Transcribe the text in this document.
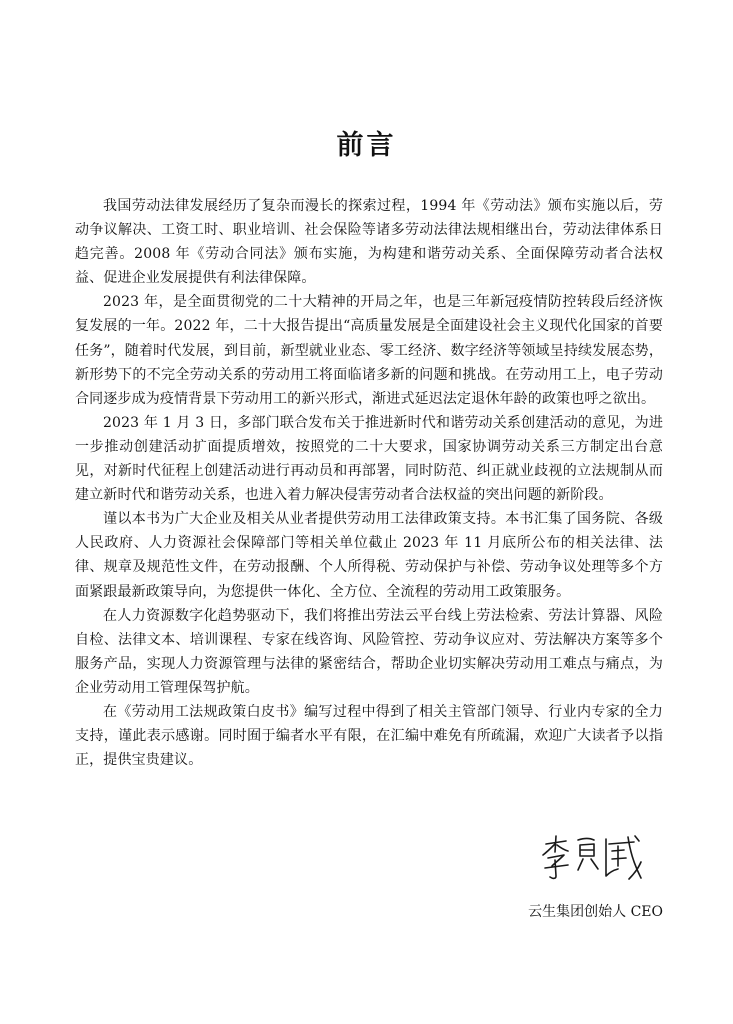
前言

我国劳动法律发展经历了复杂而漫长的探索过程，1994 年《劳动法》颁布实施以后，劳动争议解决、工资工时、职业培训、社会保险等诸多劳动法律法规相继出台，劳动法律体系日趋完善。2008 年《劳动合同法》颁布实施，为构建和谐劳动关系、全面保障劳动者合法权益、促进企业发展提供有利法律保障。

2023 年，是全面贯彻党的二十大精神的开局之年，也是三年新冠疫情防控转段后经济恢复发展的一年。2022 年，二十大报告提出“高质量发展是全面建设社会主义现代化国家的首要任务”，随着时代发展，到目前，新型就业业态、零工经济、数字经济等领域呈持续发展态势，新形势下的不完全劳动关系的劳动用工将面临诸多新的问题和挑战。在劳动用工上，电子劳动合同逐步成为疫情背景下劳动用工的新兴形式，渐进式延迟法定退休年龄的政策也呼之欲出。

2023 年 1 月 3 日，多部门联合发布关于推进新时代和谐劳动关系创建活动的意见，为进一步推动创建活动扩面提质增效，按照党的二十大要求，国家协调劳动关系三方制定出台意见，对新时代征程上创建活动进行再动员和再部署，同时防范、纠正就业歧视的立法规制从而建立新时代和谐劳动关系，也进入着力解决侵害劳动者合法权益的突出问题的新阶段。

谨以本书为广大企业及相关从业者提供劳动用工法律政策支持。本书汇集了国务院、各级人民政府、人力资源社会保障部门等相关单位截止 2023 年 11 月底所公布的相关法律、法律、规章及规范性文件，在劳动报酬、个人所得税、劳动保护与补偿、劳动争议处理等多个方面紧跟最新政策导向，为您提供一体化、全方位、全流程的劳动用工政策服务。

在人力资源数字化趋势驱动下，我们将推出劳法云平台线上劳法检索、劳法计算器、风险自检、法律文本、培训课程、专家在线咨询、风险管控、劳动争议应对、劳法解决方案等多个服务产品，实现人力资源管理与法律的紧密结合，帮助企业切实解决劳动用工难点与痛点，为企业劳动用工管理保驾护航。

在《劳动用工法规政策白皮书》编写过程中得到了相关主管部门领导、行业内专家的全力支持，谨此表示感谢。同时囿于编者水平有限，在汇编中难免有所疏漏，欢迎广大读者予以指正，提供宝贵建议。

云生集团创始人 CEO
